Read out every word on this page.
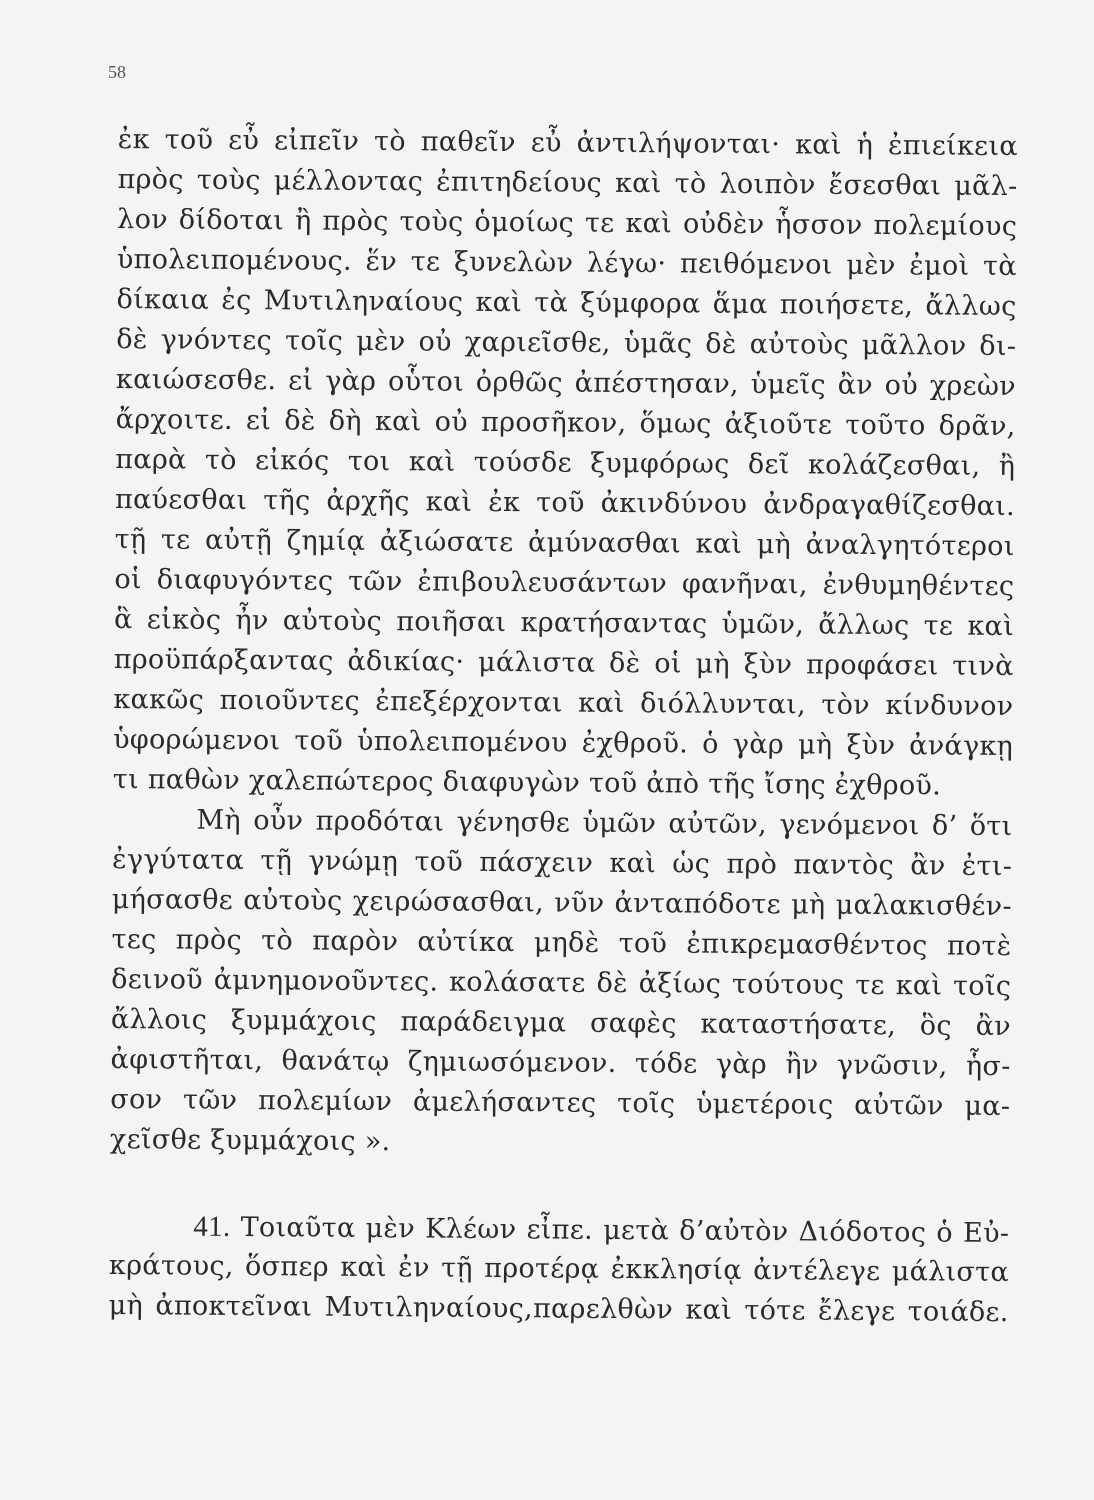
58
ἐκ τοῦ εὖ εἰπεῖν τὸ παθεῖν εὖ ἀντιλήψονται· καὶ ἡ ἐπιείκεια
πρὸς τοὺς μέλλοντας ἐπιτηδείους καὶ τὸ λοιπὸν ἔσεσθαι μᾶλ-
λον δίδοται ἢ πρὸς τοὺς ὁμοίως τε καὶ οὐδὲν ἧσσον πολεμίους
ὑπολειπομένους. ἕν τε ξυνελὼν λέγω· πειθόμενοι μὲν ἐμοὶ τὰ
δίκαια ἐς Μυτιληναίους καὶ τὰ ξύμφορα ἅμα ποιήσετε, ἄλλως
δὲ γνόντες τοῖς μὲν οὐ χαριεῖσθε, ὑμᾶς δὲ αὐτοὺς μᾶλλον δι-
καιώσεσθε. εἰ γὰρ οὗτοι ὀρθῶς ἀπέστησαν, ὑμεῖς ἂν οὐ χρεὼν
ἄρχοιτε. εἰ δὲ δὴ καὶ οὐ προσῆκον, ὅμως ἀξιοῦτε τοῦτο δρᾶν,
παρὰ τὸ εἰκός τοι καὶ τούσδε ξυμφόρως δεῖ κολάζεσθαι, ἢ
παύεσθαι τῆς ἀρχῆς καὶ ἐκ τοῦ ἀκινδύνου ἀνδραγαθίζεσθαι.
τῇ τε αὐτῇ ζημίᾳ ἀξιώσατε ἀμύνασθαι καὶ μὴ ἀναλγητότεροι
οἱ διαφυγόντες τῶν ἐπιβουλευσάντων φανῆναι, ἐνθυμηθέντες
ἃ εἰκὸς ἦν αὐτοὺς ποιῆσαι κρατήσαντας ὑμῶν, ἄλλως τε καὶ
προϋπάρξαντας ἀδικίας· μάλιστα δὲ οἱ μὴ ξὺν προφάσει τινὰ
κακῶς ποιοῦντες ἐπεξέρχονται καὶ διόλλυνται, τὸν κίνδυνον
ὑφορώμενοι τοῦ ὑπολειπομένου ἐχθροῦ. ὁ γὰρ μὴ ξὺν ἀνάγκῃ
τι παθὼν χαλεπώτερος διαφυγὼν τοῦ ἀπὸ τῆς ἴσης ἐχθροῦ.
Μὴ οὖν προδόται γένησθε ὑμῶν αὐτῶν, γενόμενοι δ’ ὅτι
ἐγγύτατα τῇ γνώμῃ τοῦ πάσχειν καὶ ὡς πρὸ παντὸς ἂν ἐτι-
μήσασθε αὐτοὺς χειρώσασθαι, νῦν ἀνταπόδοτε μὴ μαλακισθέν-
τες πρὸς τὸ παρὸν αὐτίκα μηδὲ τοῦ ἐπικρεμασθέντος ποτὲ
δεινοῦ ἀμνημονοῦντες. κολάσατε δὲ ἀξίως τούτους τε καὶ τοῖς
ἄλλοις ξυμμάχοις παράδειγμα σαφὲς καταστήσατε, ὃς ἂν
ἀφιστῆται, θανάτῳ ζημιωσόμενον. τόδε γὰρ ἢν γνῶσιν, ἧσ-
σον τῶν πολεμίων ἀμελήσαντες τοῖς ὑμετέροις αὐτῶν μα-
χεῖσθε ξυμμάχοις ».
41. Τοιαῦτα μὲν Κλέων εἶπε. μετὰ δ’αὐτὸν Διόδοτος ὁ Εὐ-
κράτους, ὅσπερ καὶ ἐν τῇ προτέρᾳ ἐκκλησίᾳ ἀντέλεγε μάλιστα
μὴ ἀποκτεῖναι Μυτιληναίους,παρελθὼν καὶ τότε ἔλεγε τοιάδε.
